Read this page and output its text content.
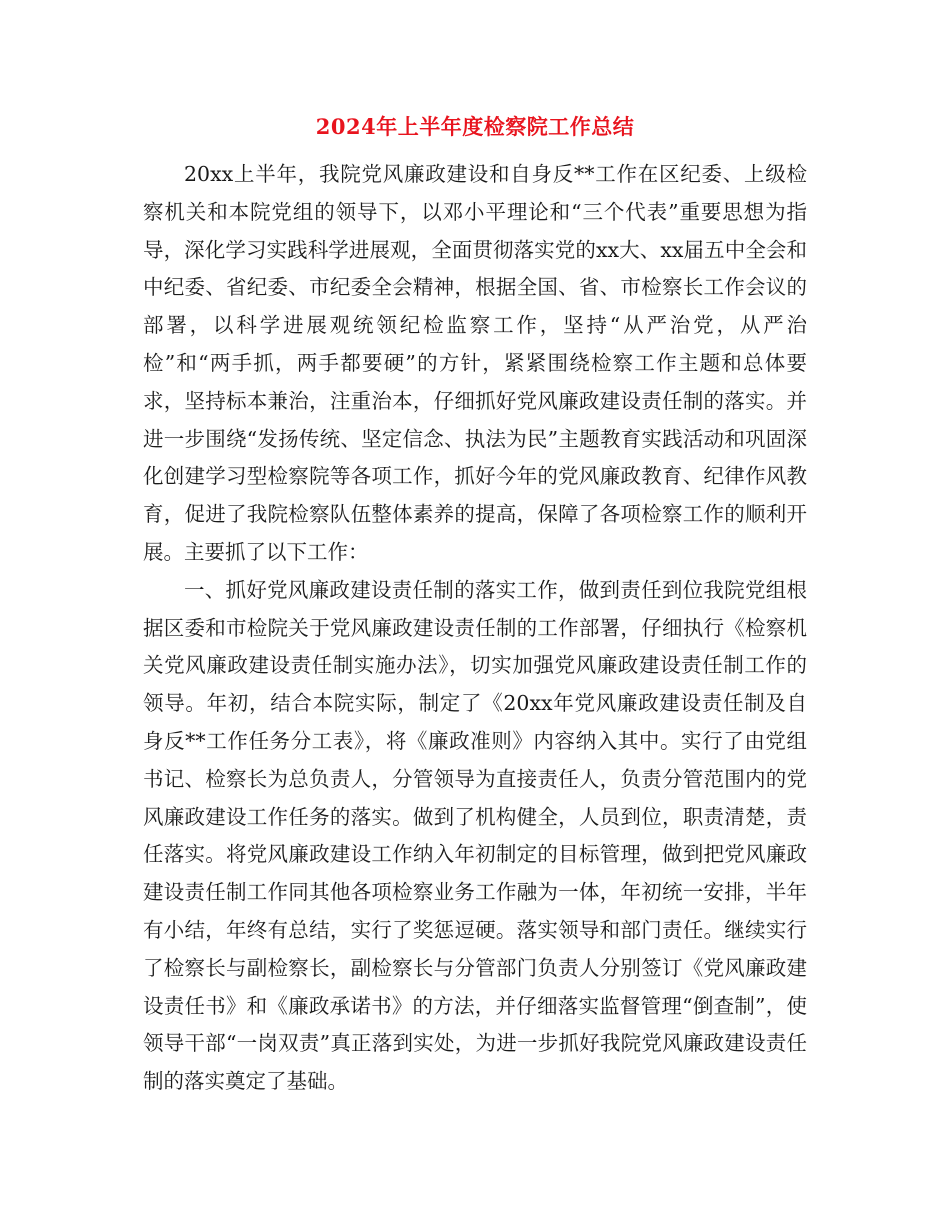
2024年上半年度检察院工作总结

20xx上半年，我院党风廉政建设和自身反**工作在区纪委、上级检察机关和本院党组的领导下，以邓小平理论和“三个代表”重要思想为指导，深化学习实践科学进展观，全面贯彻落实党的xx大、xx届五中全会和中纪委、省纪委、市纪委全会精神，根据全国、省、市检察长工作会议的部署，以科学进展观统领纪检监察工作，坚持“从严治党，从严治检”和“两手抓，两手都要硬”的方针，紧紧围绕检察工作主题和总体要求，坚持标本兼治，注重治本，仔细抓好党风廉政建设责任制的落实。并进一步围绕“发扬传统、坚定信念、执法为民”主题教育实践活动和巩固深化创建学习型检察院等各项工作，抓好今年的党风廉政教育、纪律作风教育，促进了我院检察队伍整体素养的提高，保障了各项检察工作的顺利开展。主要抓了以下工作：

一、抓好党风廉政建设责任制的落实工作，做到责任到位我院党组根据区委和市检院关于党风廉政建设责任制的工作部署，仔细执行《检察机关党风廉政建设责任制实施办法》，切实加强党风廉政建设责任制工作的领导。年初，结合本院实际，制定了《20xx年党风廉政建设责任制及自身反**工作任务分工表》，将《廉政准则》内容纳入其中。实行了由党组书记、检察长为总负责人，分管领导为直接责任人，负责分管范围内的党风廉政建设工作任务的落实。做到了机构健全，人员到位，职责清楚，责任落实。将党风廉政建设工作纳入年初制定的目标管理，做到把党风廉政建设责任制工作同其他各项检察业务工作融为一体，年初统一安排，半年有小结，年终有总结，实行了奖惩逗硬。落实领导和部门责任。继续实行了检察长与副检察长，副检察长与分管部门负责人分别签订《党风廉政建设责任书》和《廉政承诺书》的方法，并仔细落实监督管理“倒查制”，使领导干部“一岗双责”真正落到实处，为进一步抓好我院党风廉政建设责任制的落实奠定了基础。
